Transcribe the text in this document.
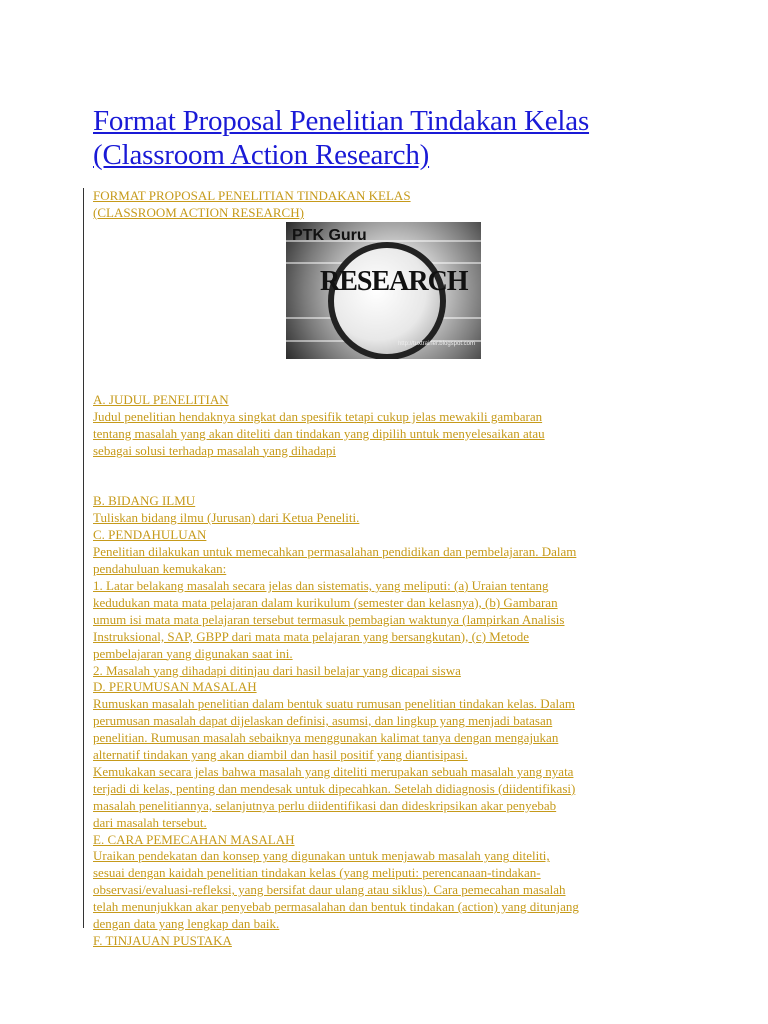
Format Proposal Penelitian Tindakan Kelas (Classroom Action Research)

FORMAT PROPOSAL PENELITIAN TINDAKAN KELAS

(CLASSROOM ACTION RESEARCH)

PTK Guru
RESEARCH
http://tuxtrainer.blogspot.com

A. JUDUL PENELITIAN

Judul penelitian hendaknya singkat dan spesifik tetapi cukup jelas mewakili gambaran

tentang masalah yang akan diteliti dan tindakan yang dipilih untuk menyelesaikan atau

sebagai solusi terhadap masalah yang dihadapi

B. BIDANG ILMU

Tuliskan bidang ilmu (Jurusan) dari Ketua Peneliti.

C. PENDAHULUAN

Penelitian dilakukan untuk memecahkan permasalahan pendidikan dan pembelajaran. Dalam

pendahuluan kemukakan:

1. Latar belakang masalah secara jelas dan sistematis, yang meliputi: (a) Uraian tentang

kedudukan mata mata pelajaran dalam kurikulum (semester dan kelasnya), (b) Gambaran

umum isi mata mata pelajaran tersebut termasuk pembagian waktunya (lampirkan Analisis

Instruksional, SAP, GBPP dari mata mata pelajaran yang bersangkutan), (c) Metode

pembelajaran yang digunakan saat ini.

2. Masalah yang dihadapi ditinjau dari hasil belajar yang dicapai siswa

D. PERUMUSAN MASALAH

Rumuskan masalah penelitian dalam bentuk suatu rumusan penelitian tindakan kelas. Dalam

perumusan masalah dapat dijelaskan definisi, asumsi, dan lingkup yang menjadi batasan

penelitian. Rumusan masalah sebaiknya menggunakan kalimat tanya dengan mengajukan

alternatif tindakan yang akan diambil dan hasil positif yang diantisipasi.

Kemukakan secara jelas bahwa masalah yang diteliti merupakan sebuah masalah yang nyata

terjadi di kelas, penting dan mendesak untuk dipecahkan. Setelah didiagnosis (diidentifikasi)

masalah penelitiannya, selanjutnya perlu diidentifikasi dan dideskripsikan akar penyebab

dari masalah tersebut.

E. CARA PEMECAHAN MASALAH

Uraikan pendekatan dan konsep yang digunakan untuk menjawab masalah yang diteliti,

sesuai dengan kaidah penelitian tindakan kelas (yang meliputi: perencanaan-tindakan-

observasi/evaluasi-refleksi, yang bersifat daur ulang atau siklus). Cara pemecahan masalah

telah menunjukkan akar penyebab permasalahan dan bentuk tindakan (action) yang ditunjang

dengan data yang lengkap dan baik.

F. TINJAUAN PUSTAKA
